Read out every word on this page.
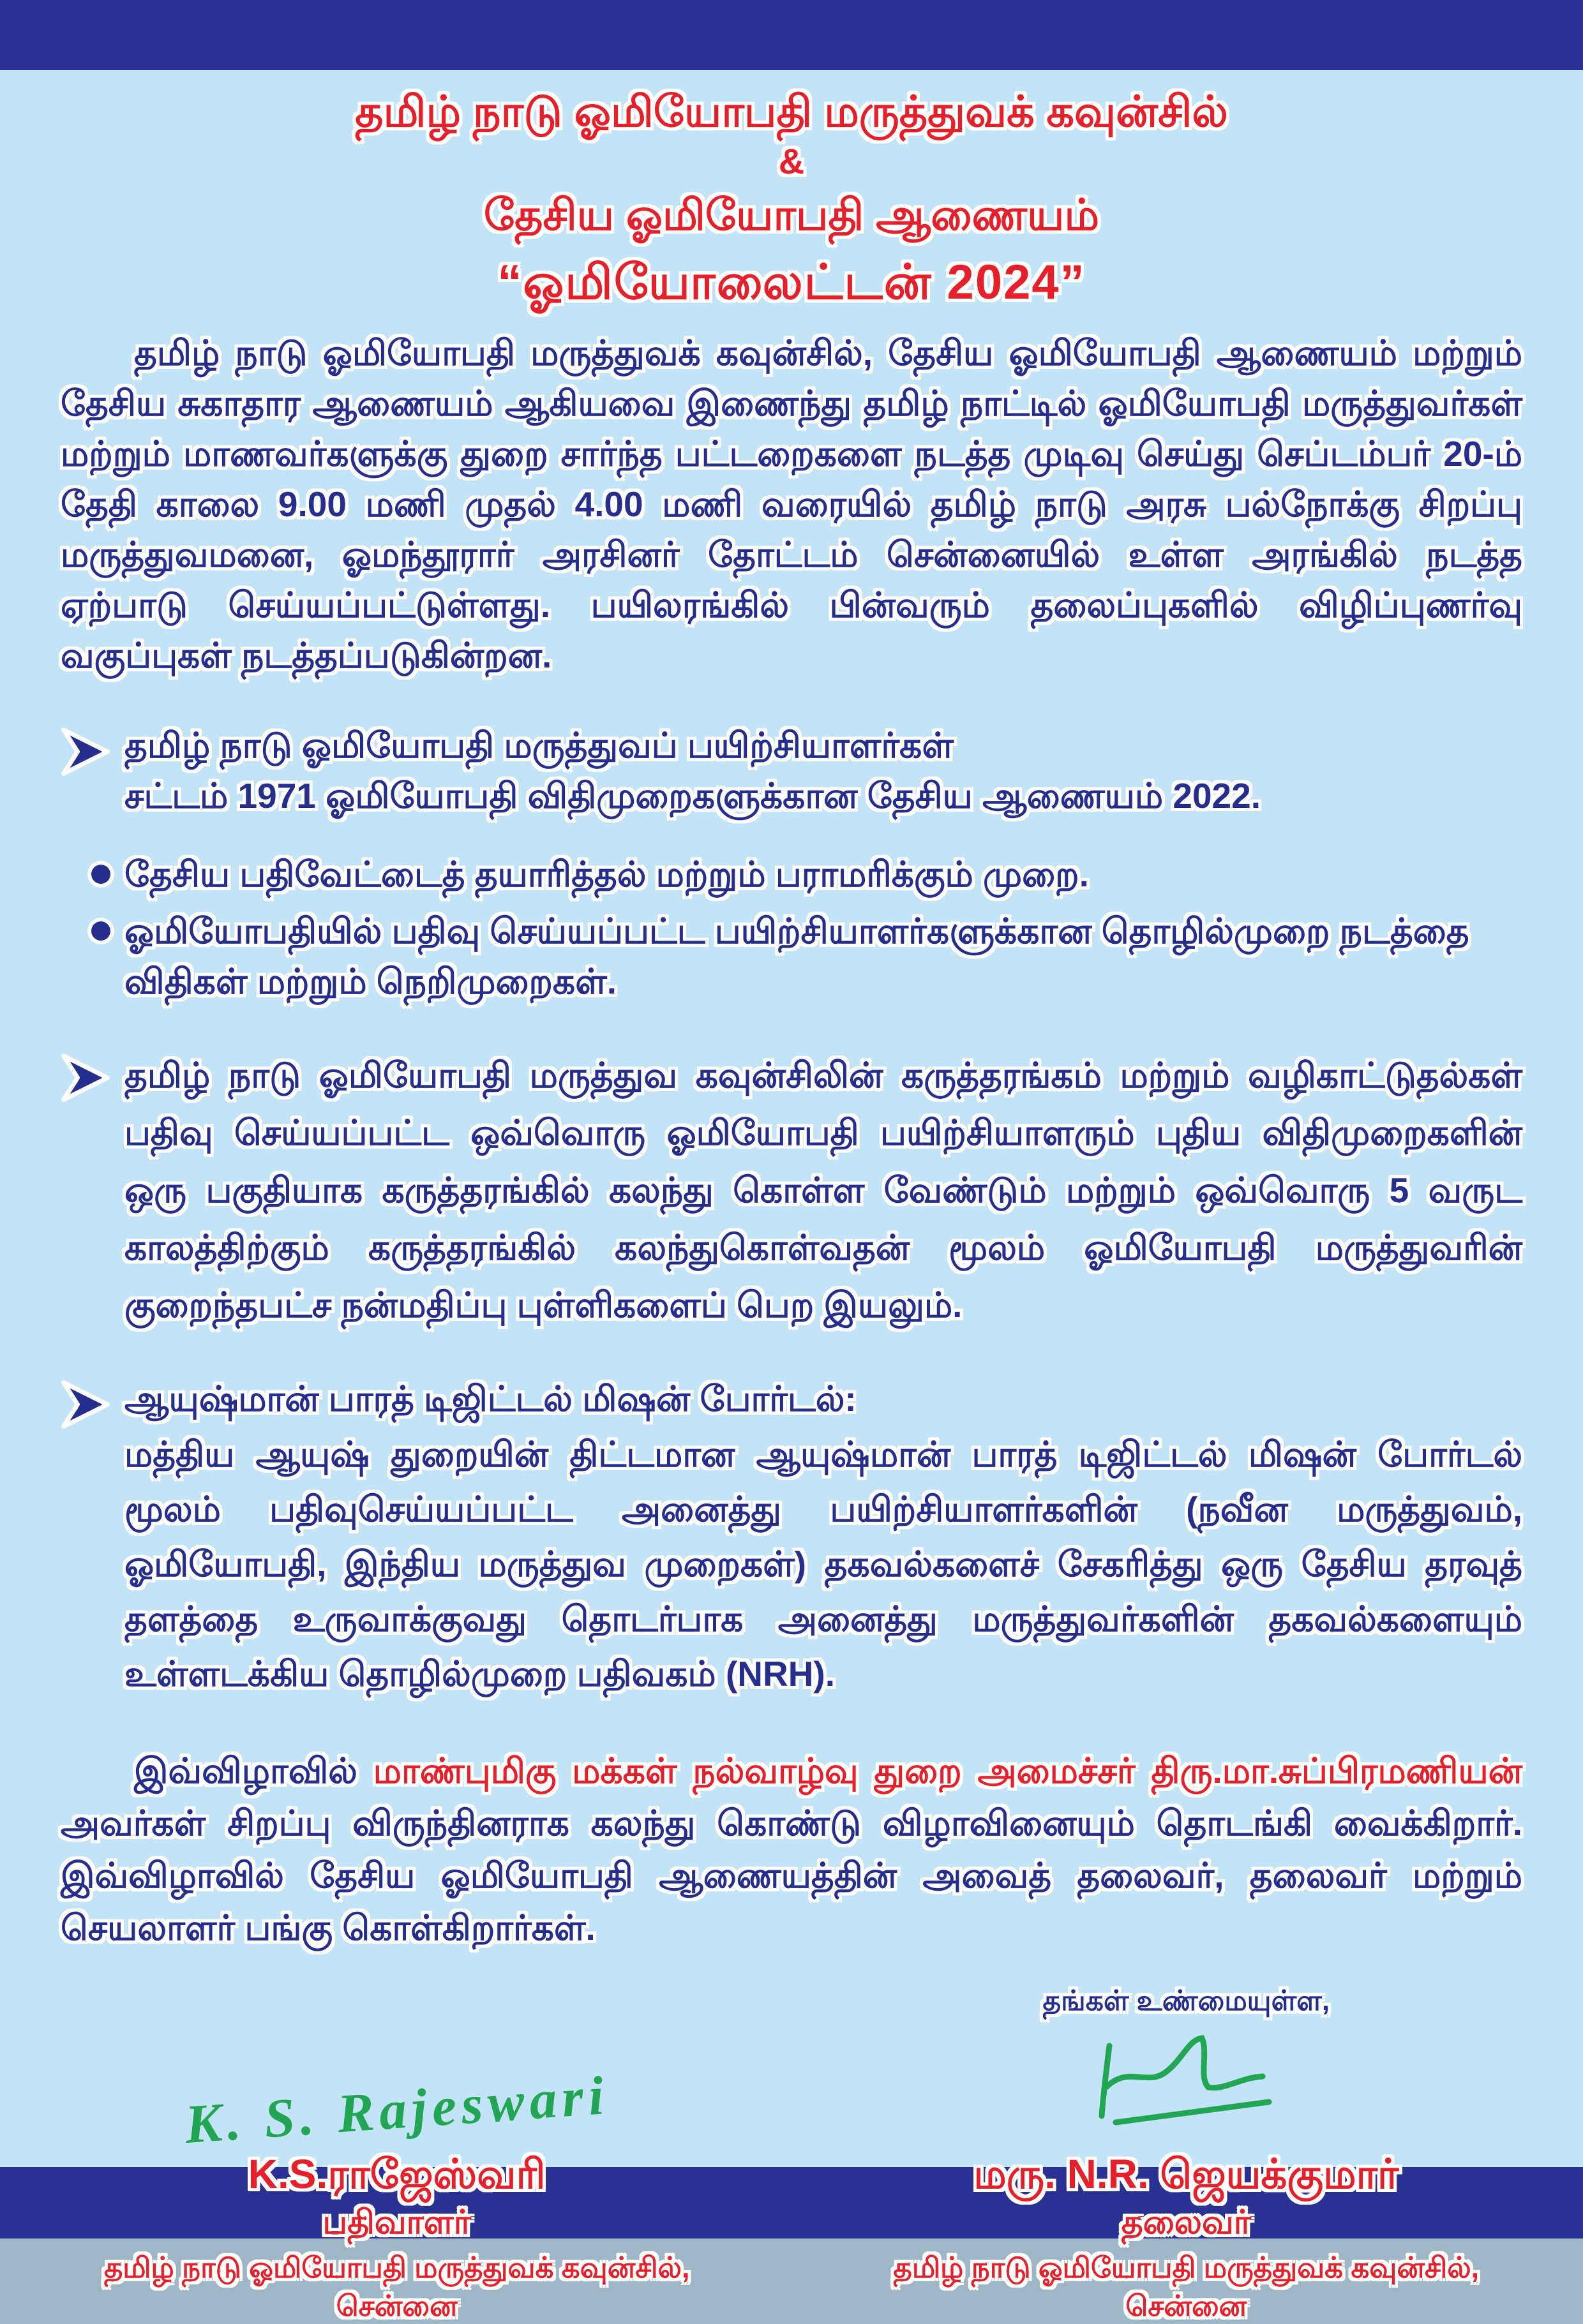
தமிழ் நாடு ஓமியோபதி மருத்துவக் கவுன்சில்
&
தேசிய ஓமியோபதி ஆணையம்
“ஓமியோலைட்டன் 2024”

தமிழ் நாடு ஓமியோபதி மருத்துவக் கவுன்சில், தேசிய ஓமியோபதி ஆணையம் மற்றும் தேசிய சுகாதார ஆணையம் ஆகியவை இணைந்து தமிழ் நாட்டில் ஓமியோபதி மருத்துவர்கள் மற்றும் மாணவர்களுக்கு துறை சார்ந்த பட்டறைகளை நடத்த முடிவு செய்து செப்டம்பர் 20-ம் தேதி காலை 9.00 மணி முதல் 4.00 மணி வரையில் தமிழ் நாடு அரசு பல்நோக்கு சிறப்பு மருத்துவமனை, ஓமந்தூரார் அரசினர் தோட்டம் சென்னையில் உள்ள அரங்கில் நடத்த ஏற்பாடு செய்யப்பட்டுள்ளது. பயிலரங்கில் பின்வரும் தலைப்புகளில் விழிப்புணர்வு வகுப்புகள் நடத்தப்படுகின்றன.

தமிழ் நாடு ஓமியோபதி மருத்துவப் பயிற்சியாளர்கள்
சட்டம் 1971 ஓமியோபதி விதிமுறைகளுக்கான தேசிய ஆணையம் 2022.
தேசிய பதிவேட்டைத் தயாரித்தல் மற்றும் பராமரிக்கும் முறை.
ஓமியோபதியில் பதிவு செய்யப்பட்ட பயிற்சியாளர்களுக்கான தொழில்முறை நடத்தை விதிகள் மற்றும் நெறிமுறைகள்.
தமிழ் நாடு ஓமியோபதி மருத்துவ கவுன்சிலின் கருத்தரங்கம் மற்றும் வழிகாட்டுதல்கள் பதிவு செய்யப்பட்ட ஒவ்வொரு ஓமியோபதி பயிற்சியாளரும் புதிய விதிமுறைகளின் ஒரு பகுதியாக கருத்தரங்கில் கலந்து கொள்ள வேண்டும் மற்றும் ஒவ்வொரு 5 வருட காலத்திற்கும் கருத்தரங்கில் கலந்துகொள்வதன் மூலம் ஓமியோபதி மருத்துவரின் குறைந்தபட்ச நன்மதிப்பு புள்ளிகளைப் பெற இயலும்.
ஆயுஷ்மான் பாரத் டிஜிட்டல் மிஷன் போர்டல்:
மத்திய ஆயுஷ் துறையின் திட்டமான ஆயுஷ்மான் பாரத் டிஜிட்டல் மிஷன் போர்டல் மூலம் பதிவுசெய்யப்பட்ட அனைத்து பயிற்சியாளர்களின் (நவீன மருத்துவம், ஓமியோபதி, இந்திய மருத்துவ முறைகள்) தகவல்களைச் சேகரித்து ஒரு தேசிய தரவுத் தளத்தை உருவாக்குவது தொடர்பாக அனைத்து மருத்துவர்களின் தகவல்களையும் உள்ளடக்கிய தொழில்முறை பதிவகம் (NRH).

இவ்விழாவில் மாண்புமிகு மக்கள் நல்வாழ்வு துறை அமைச்சர் திரு.மா.சுப்பிரமணியன் அவர்கள் சிறப்பு விருந்தினராக கலந்து கொண்டு விழாவினையும் தொடங்கி வைக்கிறார். இவ்விழாவில் தேசிய ஓமியோபதி ஆணையத்தின் அவைத் தலைவர், தலைவர் மற்றும் செயலாளர் பங்கு கொள்கிறார்கள்.

K. S. Rajeswari
K.S.ராஜேஸ்வரி
பதிவாளர்
தமிழ் நாடு ஓமியோபதி மருத்துவக் கவுன்சில்,
சென்னை
தங்கள் உண்மையுள்ள,
மரு. N.R. ஜெயக்குமார்
தலைவர்
தமிழ் நாடு ஓமியோபதி மருத்துவக் கவுன்சில்,
சென்னை
